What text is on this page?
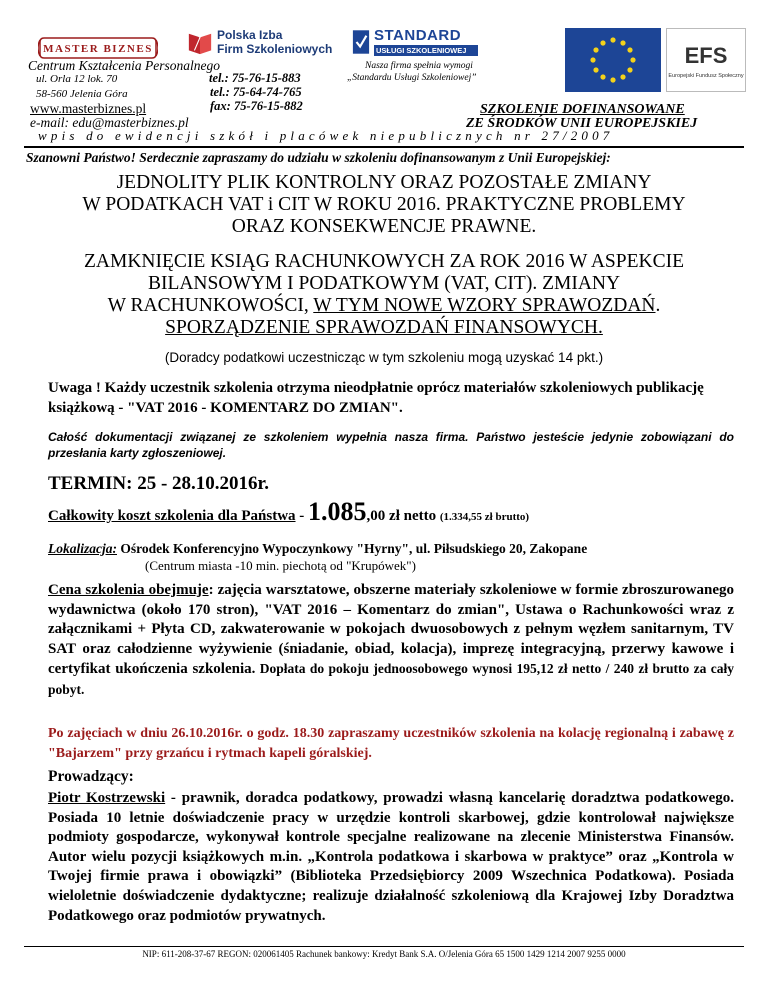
MASTER BIZNES
Polska Izba
Firm Szkoleniowych
STANDARD
USŁUGI SZKOLENIOWEJ
Nasza firma spełnia wymogi
„Standardu Usługi Szkoleniowej”
EFS
Europejski Fundusz Społeczny
Centrum Kształcenia Personalnego
ul. Orla 12 lok. 70
58-560 Jelenia Góra
tel.: 75-76-15-883
tel.: 75-64-74-765
fax: 75-76-15-882
www.masterbiznes.pl
e-mail: edu@masterbiznes.pl
SZKOLENIE DOFINANSOWANE
ZE ŚRODKÓW UNII EUROPEJSKIEJ
wpis do ewidencji szkół i placówek niepublicznych nr 27/2007
Szanowni Państwo! Serdecznie zapraszamy do udziału w szkoleniu dofinansowanym z Unii Europejskiej:
JEDNOLITY PLIK KONTROLNY ORAZ POZOSTAŁE ZMIANY
W PODATKACH VAT i CIT W ROKU 2016. PRAKTYCZNE PROBLEMY
ORAZ KONSEKWENCJE PRAWNE.
ZAMKNIĘCIE KSIĄG RACHUNKOWYCH ZA ROK 2016 W ASPEKCIE
BILANSOWYM I PODATKOWYM (VAT, CIT). ZMIANY
W RACHUNKOWOŚCI, W TYM NOWE WZORY SPRAWOZDAŃ.
SPORZĄDZENIE SPRAWOZDAŃ FINANSOWYCH.
(Doradcy podatkowi uczestnicząc w tym szkoleniu mogą uzyskać 14 pkt.)
Uwaga ! Każdy uczestnik szkolenia otrzyma nieodpłatnie oprócz materiałów szkoleniowych publikację książkową - "VAT 2016 - KOMENTARZ DO ZMIAN".
Całość dokumentacji związanej ze szkoleniem wypełnia nasza firma. Państwo jesteście jedynie zobowiązani do przesłania karty zgłoszeniowej.
TERMIN: 25 - 28.10.2016r.
Całkowity koszt szkolenia dla Państwa - 1.085,00 zł netto (1.334,55 zł brutto)
Lokalizacja: Ośrodek Konferencyjno Wypoczynkowy "Hyrny", ul. Piłsudskiego 20, Zakopane
(Centrum miasta -10 min. piechotą od "Krupówek")
Cena szkolenia obejmuje: zajęcia warsztatowe, obszerne materiały szkoleniowe w formie zbroszurowanego wydawnictwa (około 170 stron), "VAT 2016 – Komentarz do zmian", Ustawa o Rachunkowości wraz z załącznikami + Płyta CD, zakwaterowanie w pokojach dwuosobowych z pełnym węzłem sanitarnym, TV SAT oraz całodzienne wyżywienie (śniadanie, obiad, kolacja), imprezę integracyjną, przerwy kawowe i certyfikat ukończenia szkolenia. Dopłata do pokoju jednoosobowego wynosi 195,12 zł netto / 240 zł brutto za cały pobyt.
Po zajęciach w dniu 26.10.2016r. o godz. 18.30 zapraszamy uczestników szkolenia na kolację regionalną i zabawę z "Bajarzem" przy grzańcu i rytmach kapeli góralskiej.
Prowadzący:
Piotr Kostrzewski - prawnik, doradca podatkowy, prowadzi własną kancelarię doradztwa podatkowego. Posiada 10 letnie doświadczenie pracy w urzędzie kontroli skarbowej, gdzie kontrolował największe podmioty gospodarcze, wykonywał kontrole specjalne realizowane na zlecenie Ministerstwa Finansów. Autor wielu pozycji książkowych m.in. „Kontrola podatkowa i skarbowa w praktyce” oraz „Kontrola w Twojej firmie prawa i obowiązki” (Biblioteka Przedsiębiorcy 2009 Wszechnica Podatkowa). Posiada wieloletnie doświadczenie dydaktyczne; realizuje działalność szkoleniową dla Krajowej Izby Doradztwa Podatkowego oraz podmiotów prywatnych.
NIP: 611-208-37-67 REGON: 020061405 Rachunek bankowy: Kredyt Bank S.A. O/Jelenia Góra 65 1500 1429 1214 2007 9255 0000
